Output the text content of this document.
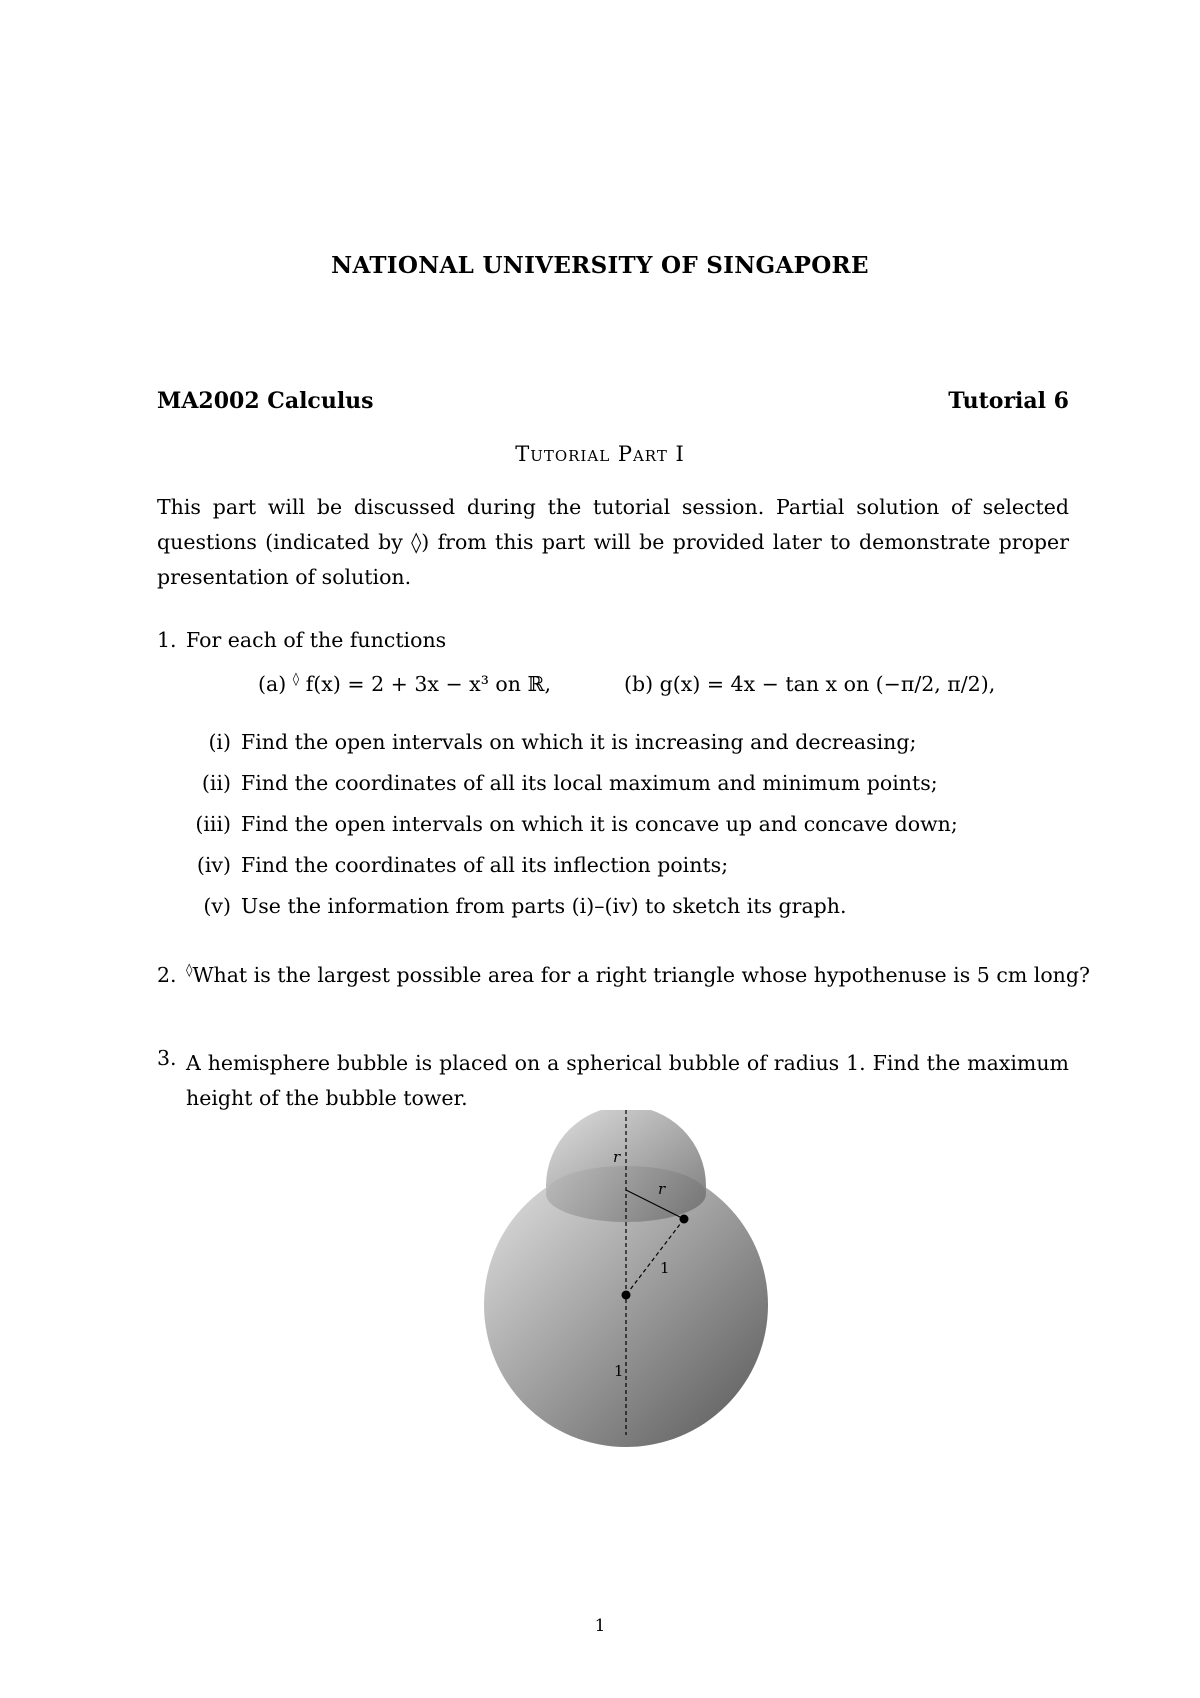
NATIONAL UNIVERSITY OF SINGAPORE
MA2002 Calculus	Tutorial 6
Tutorial Part I
This part will be discussed during the tutorial session. Partial solution of selected questions (indicated by ◊) from this part will be provided later to demonstrate proper presentation of solution.
1. For each of the functions
(a) ◊ f(x) = 2 + 3x − x³ on ℝ,	(b) g(x) = 4x − tan x on (−π/2, π/2),
(i) Find the open intervals on which it is increasing and decreasing;
(ii) Find the coordinates of all its local maximum and minimum points;
(iii) Find the open intervals on which it is concave up and concave down;
(iv) Find the coordinates of all its inflection points;
(v) Use the information from parts (i)–(iv) to sketch its graph.
2. ◊What is the largest possible area for a right triangle whose hypothenuse is 5 cm long?
3. A hemisphere bubble is placed on a spherical bubble of radius 1. Find the maximum height of the bubble tower.
r
r
1
1
1
